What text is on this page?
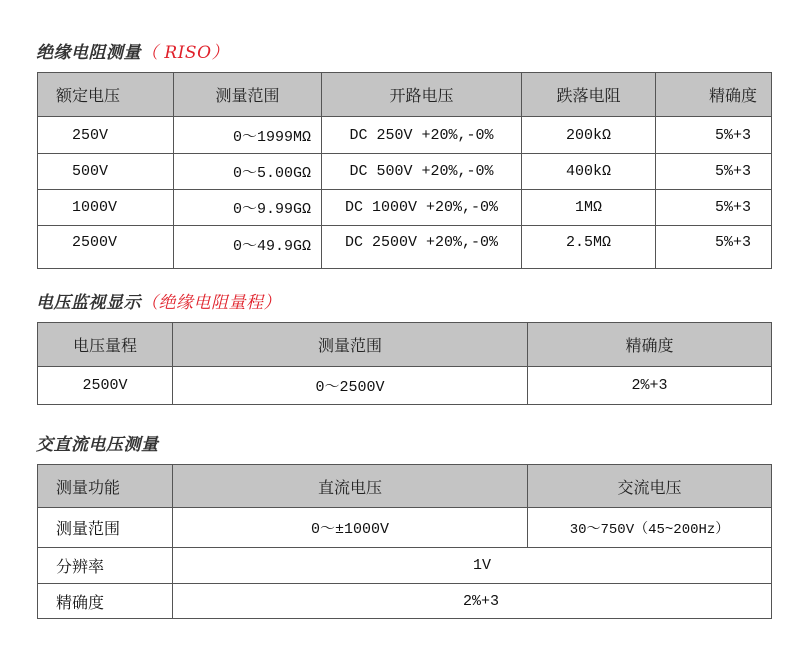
绝缘电阻测量（ RISO）
额定电压	测量范围	开路电压	跌落电阻	精确度
250V	0～1999MΩ	DC 250V +20%,-0%	200kΩ	5%+3
500V	0～5.00GΩ	DC 500V +20%,-0%	400kΩ	5%+3
1000V	0～9.99GΩ	DC 1000V +20%,-0%	1MΩ	5%+3
2500V	0～49.9GΩ	DC 2500V +20%,-0%	2.5MΩ	5%+3
电压监视显示（绝缘电阻量程）
电压量程	测量范围	精确度
2500V	0～2500V	2%+3
交直流电压测量
测量功能	直流电压	交流电压
测量范围	0～±1000V	30～750V（45~200Hz）
分辨率	1V	
精确度	2%+3	
